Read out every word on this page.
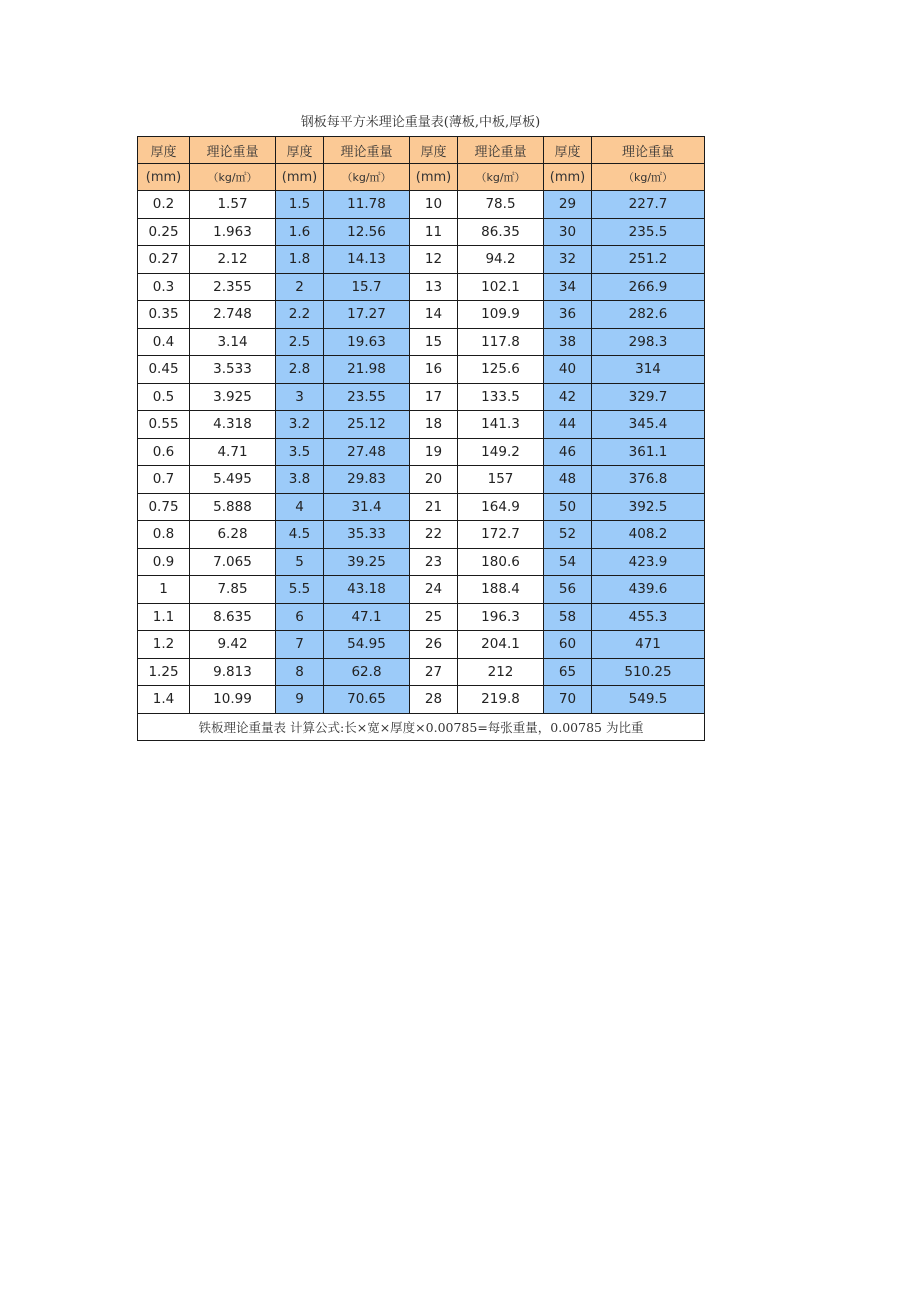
钢板每平方米理论重量表(薄板,中板,厚板)
厚度	理论重量	厚度	理论重量	厚度	理论重量	厚度	理论重量
(mm)	（kg/㎡）	(mm)	（kg/㎡）	(mm)	（kg/㎡）	(mm)	（kg/㎡）
0.2	1.57	1.5	11.78	10	78.5	29	227.7
0.25	1.963	1.6	12.56	11	86.35	30	235.5
0.27	2.12	1.8	14.13	12	94.2	32	251.2
0.3	2.355	2	15.7	13	102.1	34	266.9
0.35	2.748	2.2	17.27	14	109.9	36	282.6
0.4	3.14	2.5	19.63	15	117.8	38	298.3
0.45	3.533	2.8	21.98	16	125.6	40	314
0.5	3.925	3	23.55	17	133.5	42	329.7
0.55	4.318	3.2	25.12	18	141.3	44	345.4
0.6	4.71	3.5	27.48	19	149.2	46	361.1
0.7	5.495	3.8	29.83	20	157	48	376.8
0.75	5.888	4	31.4	21	164.9	50	392.5
0.8	6.28	4.5	35.33	22	172.7	52	408.2
0.9	7.065	5	39.25	23	180.6	54	423.9
1	7.85	5.5	43.18	24	188.4	56	439.6
1.1	8.635	6	47.1	25	196.3	58	455.3
1.2	9.42	7	54.95	26	204.1	60	471
1.25	9.813	8	62.8	27	212	65	510.25
1.4	10.99	9	70.65	28	219.8	70	549.5
铁板理论重量表 计算公式:长×宽×厚度×0.00785=每张重量，0.00785 为比重							
